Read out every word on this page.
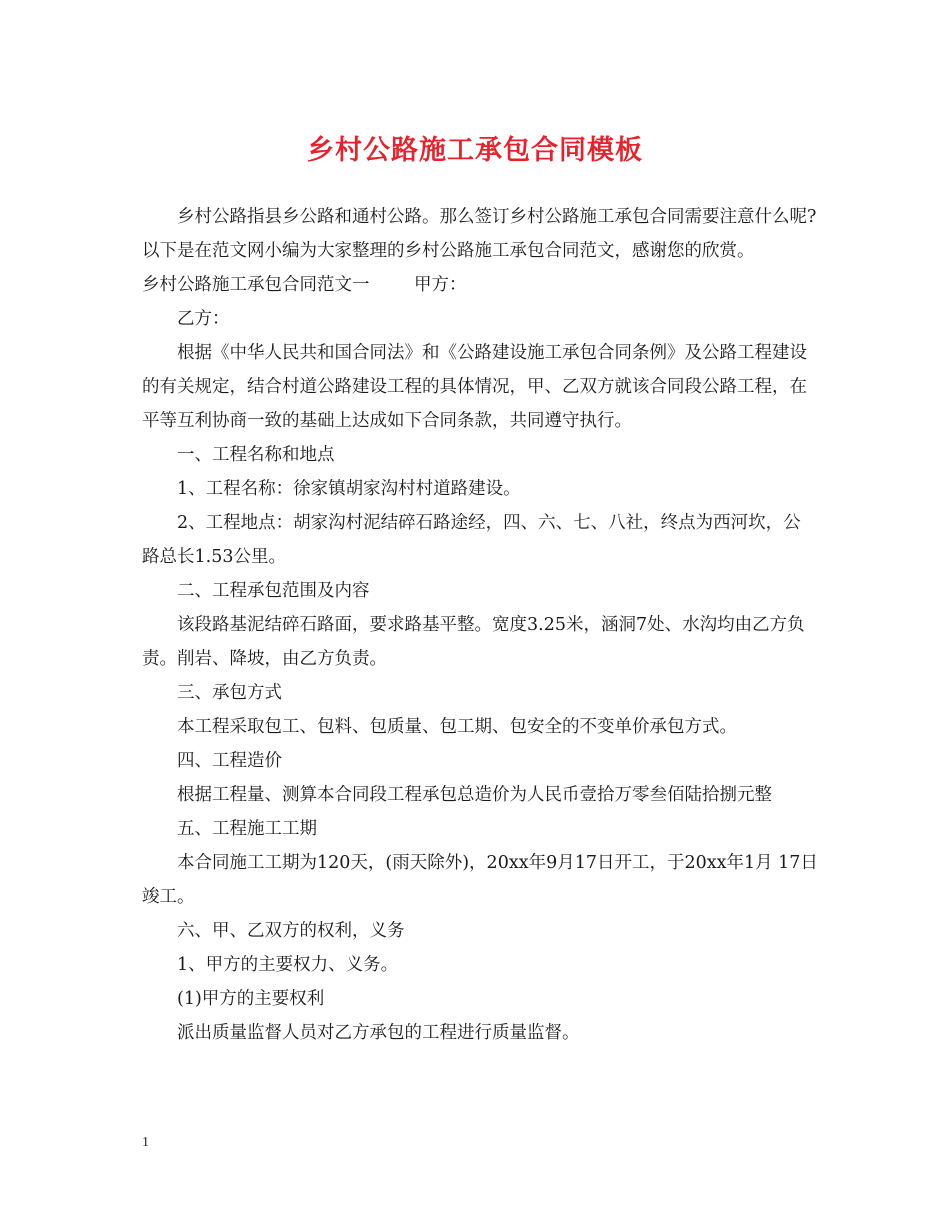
乡村公路施工承包合同模板

乡村公路指县乡公路和通村公路。那么签订乡村公路施工承包合同需要注意什么呢?以下是在范文网小编为大家整理的乡村公路施工承包合同范文，感谢您的欣赏。

乡村公路施工承包合同范文一        甲方：

乙方：

根据《中华人民共和国合同法》和《公路建设施工承包合同条例》及公路工程建设的有关规定，结合村道公路建设工程的具体情况，甲、乙双方就该合同段公路工程，在平等互利协商一致的基础上达成如下合同条款，共同遵守执行。

一、工程名称和地点

1、工程名称：徐家镇胡家沟村村道路建设。

2、工程地点：胡家沟村泥结碎石路途经，四、六、七、八社，终点为西河坎，公路总长1.53公里。

二、工程承包范围及内容

该段路基泥结碎石路面，要求路基平整。宽度3.25米，涵洞7处、水沟均由乙方负责。削岩、降坡，由乙方负责。

三、承包方式

本工程采取包工、包料、包质量、包工期、包安全的不变单价承包方式。

四、工程造价

根据工程量、测算本合同段工程承包总造价为人民币壹拾万零叁佰陆拾捌元整

五、工程施工工期

本合同施工工期为120天，(雨天除外)，20xx年9月17日开工，于20xx年1月 17日竣工。

六、甲、乙双方的权利，义务

1、甲方的主要权力、义务。

(1)甲方的主要权利

派出质量监督人员对乙方承包的工程进行质量监督。

1
